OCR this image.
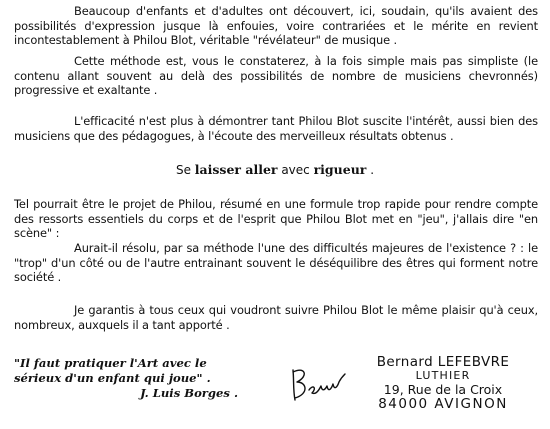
Beaucoup d'enfants et d'adultes ont découvert, ici, soudain, qu'ils avaient des possibilités d'expression jusque là enfouies, voire contrariées et le mérite en revient incontestablement à Philou Blot, véritable "révélateur" de musique .

Cette méthode est, vous le constaterez, à la fois simple mais pas simpliste (le contenu allant souvent au delà des possibilités de nombre de musiciens chevronnés) progressive et exaltante .

L'efficacité n'est plus à démontrer tant Philou Blot suscite l'intérêt, aussi bien des musiciens que des pédagogues, à l'écoute des merveilleux résultats obtenus .

Se laisser aller avec rigueur .

Tel pourrait être le projet de Philou, résumé en une formule trop rapide pour rendre compte des ressorts essentiels du corps et de l'esprit que Philou Blot met en "jeu", j'allais dire "en scène" :

Aurait-il résolu, par sa méthode l'une des difficultés majeures de l'existence ? : le "trop" d'un côté ou de l'autre entrainant souvent le déséquilibre des êtres qui forment notre société .

Je garantis à tous ceux qui voudront suivre Philou Blot le même plaisir qu'à ceux, nombreux, auxquels il a tant apporté .

"Il faut pratiquer l'Art avec le
sérieux d'un enfant qui joue" .
J. Luis Borges .
Bernard LEFEBVRE
LUTHIER
19, Rue de la Croix
84000 AVIGNON
